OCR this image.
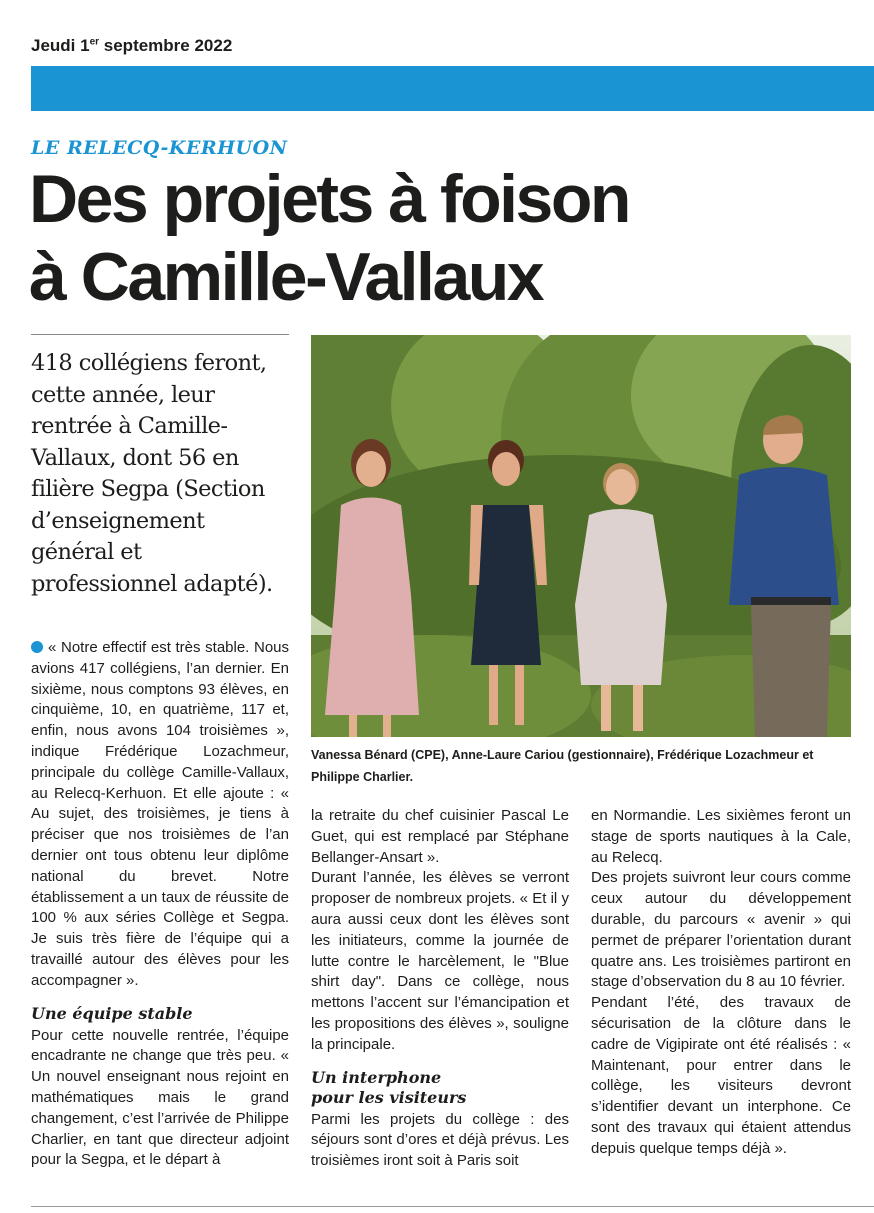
Jeudi 1er septembre 2022
LE RELECQ-KERHUON
Des projets à foison
à Camille-Vallaux
418 collégiens feront, cette année, leur rentrée à Camille-Vallaux, dont 56 en filière Segpa (Section d’enseignement général et professionnel adapté).
Vanessa Bénard (CPE), Anne-Laure Cariou (gestionnaire), Frédérique Lozachmeur et Philippe Charlier.

« Notre effectif est très stable. Nous avions 417 collégiens, l’an dernier. En sixième, nous comptons 93 élèves, en cinquième, 10, en quatrième, 117 et, enfin, nous avons 104 troisièmes », indique Frédérique Lozachmeur, principale du collège Camille-Vallaux, au Relecq-Kerhuon. Et elle ajoute : « Au sujet, des troisièmes, je tiens à préciser que nos troisièmes de l’an dernier ont tous obtenu leur diplôme national du brevet. Notre établissement a un taux de réussite de 100 % aux séries Collège et Segpa. Je suis très fière de l’équipe qui a travaillé autour des élèves pour les accompagner ».

Une équipe stable

Pour cette nouvelle rentrée, l’équipe encadrante ne change que très peu. « Un nouvel enseignant nous rejoint en mathématiques mais le grand changement, c’est l’arrivée de Philippe Charlier, en tant que directeur adjoint pour la Segpa, et le départ à

la retraite du chef cuisinier Pascal Le Guet, qui est remplacé par Stéphane Bellanger-Ansart ».

Durant l’année, les élèves se verront proposer de nombreux projets. « Et il y aura aussi ceux dont les élèves sont les initiateurs, comme la journée de lutte contre le harcèlement, le "Blue shirt day". Dans ce collège, nous mettons l’accent sur l’émancipation et les propositions des élèves », souligne la principale.

Un interphone
pour les visiteurs

Parmi les projets du collège : des séjours sont d’ores et déjà prévus. Les troisièmes iront soit à Paris soit

en Normandie. Les sixièmes feront un stage de sports nautiques à la Cale, au Relecq.

Des projets suivront leur cours comme ceux autour du développement durable, du parcours « avenir » qui permet de préparer l’orientation durant quatre ans. Les troisièmes partiront en stage d’observation du 8 au 10 février.

Pendant l’été, des travaux de sécurisation de la clôture dans le cadre de Vigipirate ont été réalisés : « Maintenant, pour entrer dans le collège, les visiteurs devront s’identifier devant un interphone. Ce sont des travaux qui étaient attendus depuis quelque temps déjà ».
